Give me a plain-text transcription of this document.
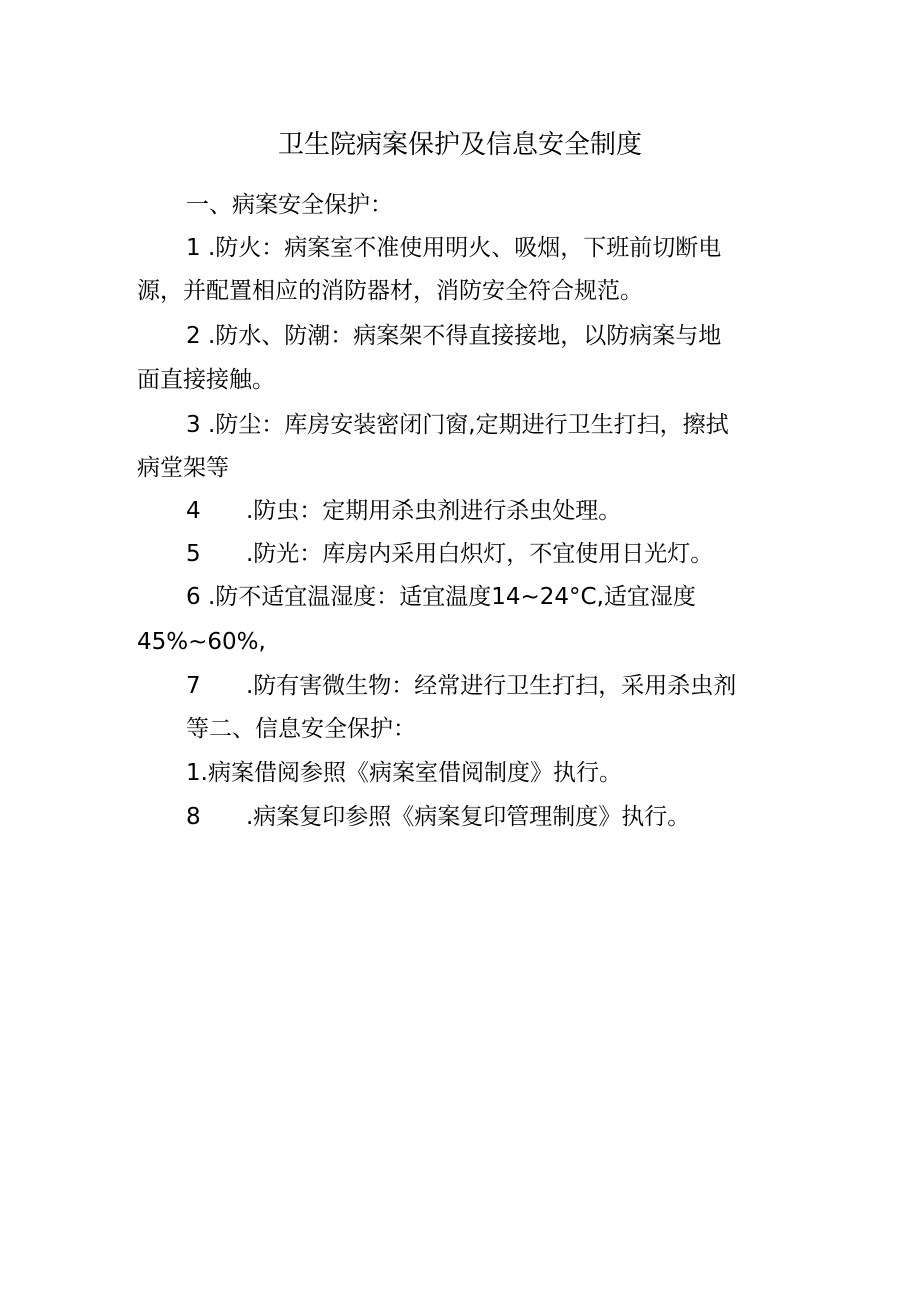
卫生院病案保护及信息安全制度
一、病案安全保护：
1 .防火：病案室不准使用明火、吸烟，下班前切断电
源，并配置相应的消防器材，消防安全符合规范。
2 .防水、防潮：病案架不得直接接地，以防病案与地
面直接接触。
3 .防尘：库房安装密闭门窗,定期进行卫生打扫，擦拭
病堂架等
4 .防虫：定期用杀虫剂进行杀虫处理。
5 .防光：库房内采用白炽灯，不宜使用日光灯。
6 .防不适宜温湿度：适宜温度14~24°C,适宜湿度
45%~60%,
7 .防有害微生物：经常进行卫生打扫，采用杀虫剂
等二、信息安全保护：
1.病案借阅参照《病案室借阅制度》执行。
8 .病案复印参照《病案复印管理制度》执行。
